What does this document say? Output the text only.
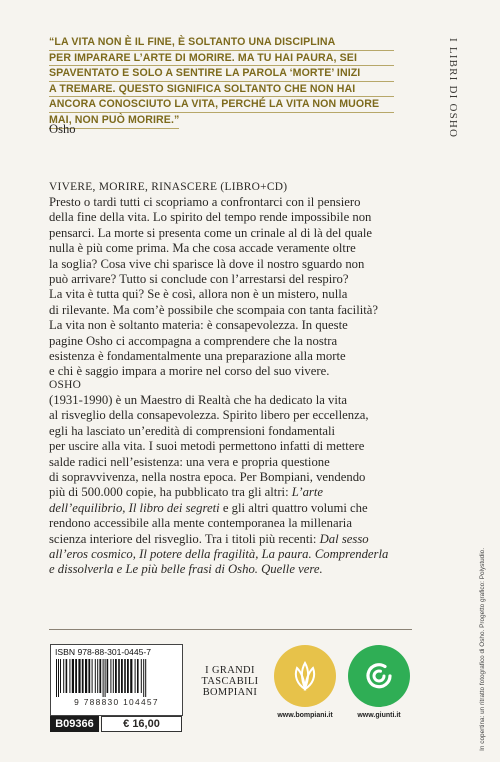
“LA VITA NON È IL FINE, È SOLTANTO UNA DISCIPLINA
PER IMPARARE L’ARTE DI MORIRE. MA TU HAI PAURA, SEI
SPAVENTATO E SOLO A SENTIRE LA PAROLA ‘MORTE’ INIZI
A TREMARE. QUESTO SIGNIFICA SOLTANTO CHE NON HAI
ANCORA CONOSCIUTO LA VITA, PERCHÉ LA VITA NON MUORE
MAI, NON PUÒ MORIRE.”
Osho	I LIBRI DI OSHO
VIVERE, MORIRE, RINASCERE (LIBRO+CD)
Presto o tardi tutti ci scopriamo a confrontarci con il pensiero
della fine della vita. Lo spirito del tempo rende impossibile non
pensarci. La morte si presenta come un crinale al di là del quale
nulla è più come prima. Ma che cosa accade veramente oltre
la soglia? Cosa vive chi sparisce là dove il nostro sguardo non
può arrivare? Tutto si conclude con l’arrestarsi del respiro?
La vita è tutta qui? Se è così, allora non è un mistero, nulla
di rilevante. Ma com’è possibile che scompaia con tanta facilità?
La vita non è soltanto materia: è consapevolezza. In queste
pagine Osho ci accompagna a comprendere che la nostra
esistenza è fondamentalmente una preparazione alla morte
e chi è saggio impara a morire nel corso del suo vivere.
OSHO
(1931-1990) è un Maestro di Realtà che ha dedicato la vita
al risveglio della consapevolezza. Spirito libero per eccellenza,
egli ha lasciato un’eredità di comprensioni fondamentali
per uscire alla vita. I suoi metodi permettono infatti di mettere
salde radici nell’esistenza: una vera e propria questione
di sopravvivenza, nella nostra epoca. Per Bompiani, vendendo
più di 500.000 copie, ha pubblicato tra gli altri: L’arte
dell’equilibrio, Il libro dei segreti e gli altri quattro volumi che
rendono accessibile alla mente contemporanea la millenaria
scienza interiore del risveglio. Tra i titoli più recenti: Dal sesso
all’eros cosmico, Il potere della fragilità, La paura. Comprenderla
e dissolverla e Le più belle frasi di Osho. Quelle vere.
ISBN 978-88-301-0445-7
9 788830 104457
B09366	€ 16,00
I GRANDI
TASCABILI
BOMPIANI
www.bompiani.it	www.giunti.it	In copertina: un ritratto fotografico di Osho. Progetto grafico: Polystudio.
